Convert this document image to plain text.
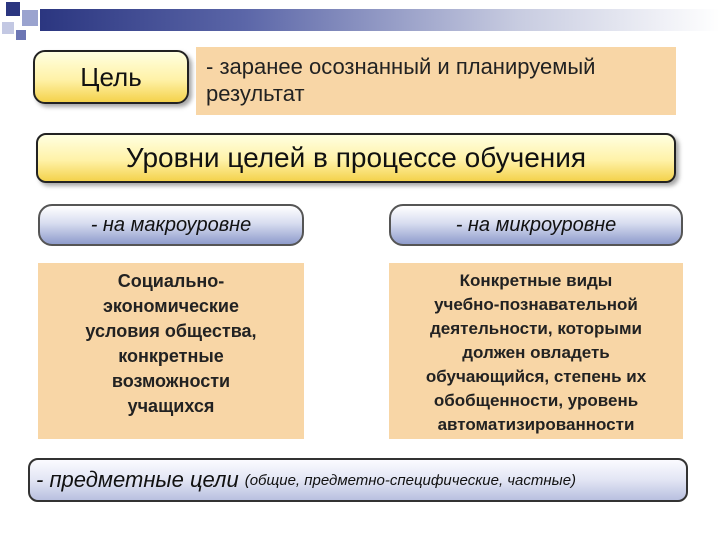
Цель	- заранее осознанный и планируемый результат
Уровни целей в процессе обучения
- на макроуровне	- на микроуровне
Социально-
экономические
условия общества,
конкретные
возможности
учащихся
Конкретные виды
учебно-познавательной
деятельности, которыми
должен овладеть
обучающийся, степень их
обобщенности, уровень
автоматизированности
- предметные цели (общие, предметно-специфические, частные)
